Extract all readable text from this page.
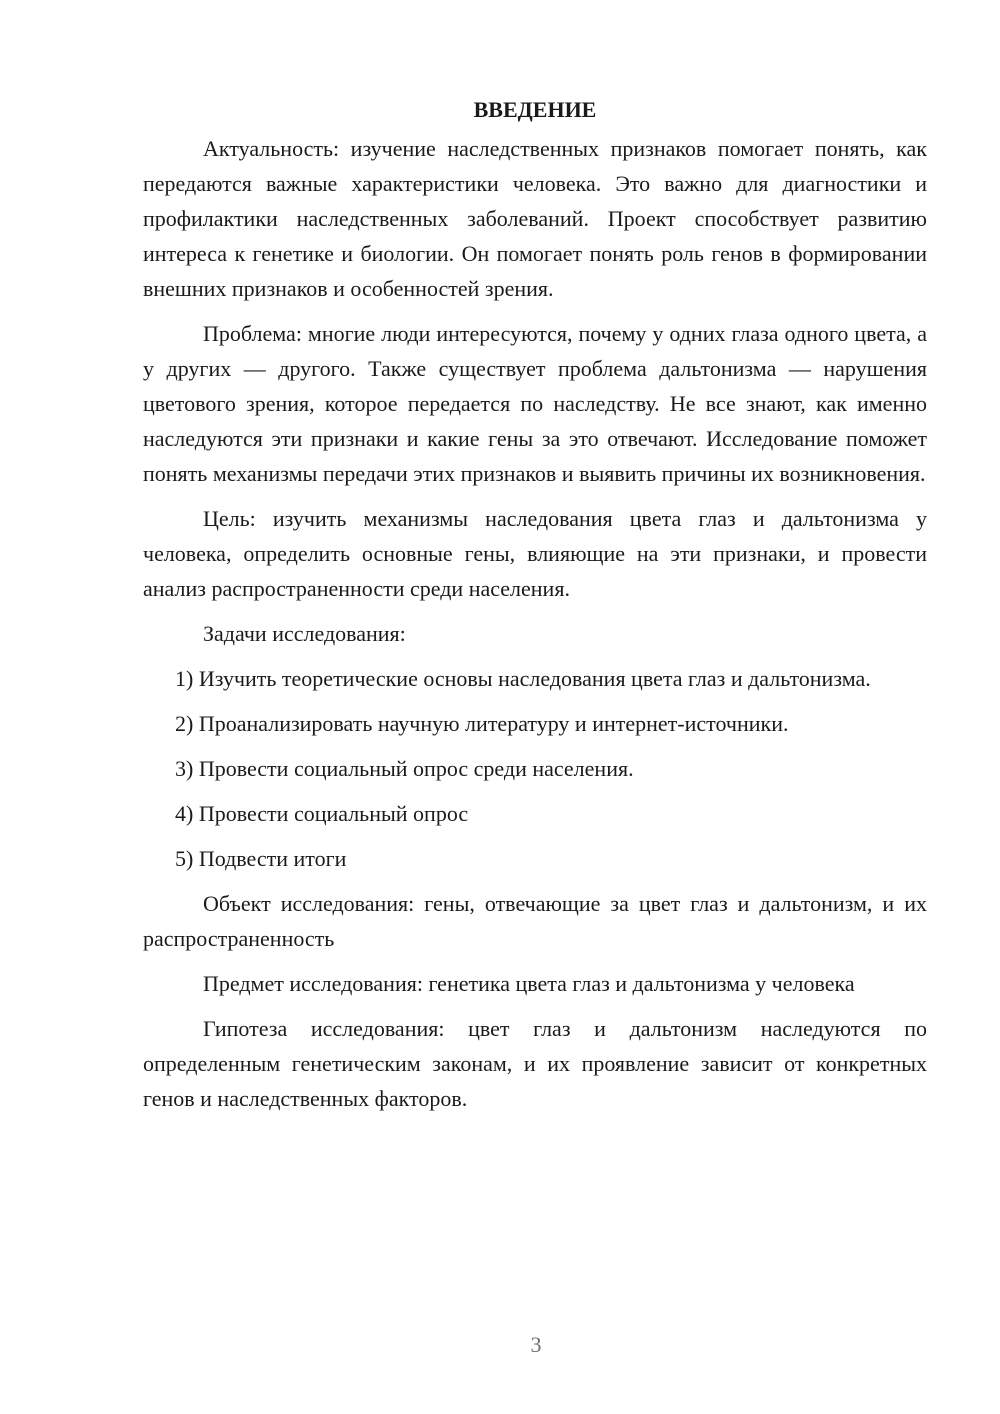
ВВЕДЕНИЕ

Актуальность: изучение наследственных признаков помогает понять, как передаются важные характеристики человека. Это важно для диагностики и профилактики наследственных заболеваний. Проект способствует развитию интереса к генетике и биологии. Он помогает понять роль генов в формировании внешних признаков и особенностей зрения.

Проблема: многие люди интересуются, почему у одних глаза одного цвета, а у других — другого. Также существует проблема дальтонизма — нарушения цветового зрения, которое передается по наследству. Не все знают, как именно наследуются эти признаки и какие гены за это отвечают. Исследование поможет понять механизмы передачи этих признаков и выявить причины их возникновения.

Цель: изучить механизмы наследования цвета глаз и дальтонизма у человека, определить основные гены, влияющие на эти признаки, и провести анализ распространенности среди населения.

Задачи исследования:

1) Изучить теоретические основы наследования цвета глаз и дальтонизма.

2) Проанализировать научную литературу и интернет-источники.

3) Провести социальный опрос среди населения.

4) Провести социальный опрос

5) Подвести итоги

Объект исследования: гены, отвечающие за цвет глаз и дальтонизм, и их распространенность

Предмет исследования: генетика цвета глаз и дальтонизма у человека

Гипотеза исследования: цвет глаз и дальтонизм наследуются по определенным генетическим законам, и их проявление зависит от конкретных генов и наследственных факторов.

3
